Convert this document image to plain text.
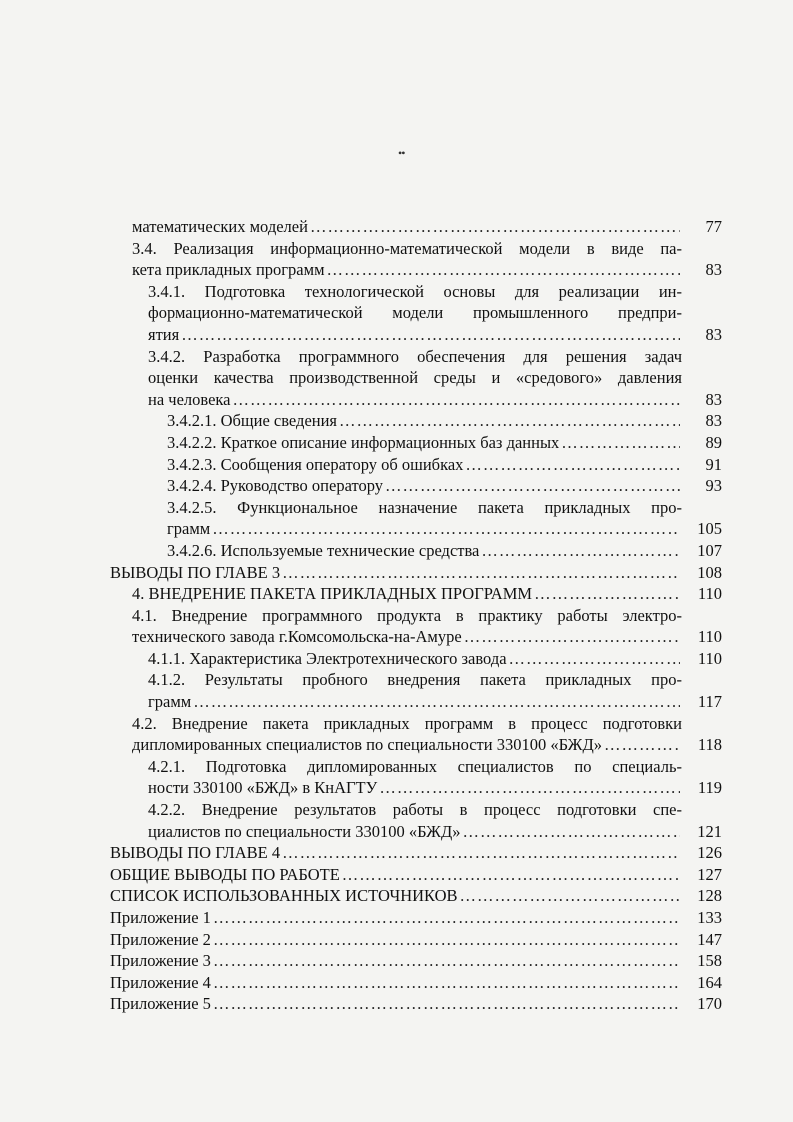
••
математических моделей ……………………………………………………………………………………………………………………………………………………	77
3.4. Реализация информационно-математической модели в виде па-
кета прикладных программ ……………………………………………………………………………………………………………………………………………………	83
3.4.1. Подготовка технологической основы для реализации ин-
формационно-математической модели промышленного предпри-
ятия ……………………………………………………………………………………………………………………………………………………	83
3.4.2. Разработка программного обеспечения для решения задач
оценки качества производственной среды и «средового» давления
на человека ……………………………………………………………………………………………………………………………………………………	83
3.4.2.1. Общие сведения ……………………………………………………………………………………………………………………………………………………	83
3.4.2.2. Краткое описание информационных баз данных ……………………………………………………………………………………………………………………………………………………	89
3.4.2.3. Сообщения оператору об ошибках ……………………………………………………………………………………………………………………………………………………	91
3.4.2.4. Руководство оператору ……………………………………………………………………………………………………………………………………………………	93
3.4.2.5. Функциональное назначение пакета прикладных про-
грамм ……………………………………………………………………………………………………………………………………………………	105
3.4.2.6. Используемые технические средства ……………………………………………………………………………………………………………………………………………………	107
ВЫВОДЫ ПО ГЛАВЕ 3 ……………………………………………………………………………………………………………………………………………………	108
4. ВНЕДРЕНИЕ ПАКЕТА ПРИКЛАДНЫХ ПРОГРАММ ……………………………………………………………………………………………………………………………………………………	110
4.1. Внедрение программного продукта в практику работы электро-
технического завода г.Комсомольска-на-Амуре ……………………………………………………………………………………………………………………………………………………	110
4.1.1. Характеристика Электротехнического завода ……………………………………………………………………………………………………………………………………………………	110
4.1.2. Результаты пробного внедрения пакета прикладных про-
грамм ……………………………………………………………………………………………………………………………………………………	117
4.2. Внедрение пакета прикладных программ в процесс подготовки
дипломированных специалистов по специальности 330100 «БЖД» ……………………………………………………………………………………………………………………………………………………	118
4.2.1. Подготовка дипломированных специалистов по специаль-
ности 330100 «БЖД» в КнАГТУ ……………………………………………………………………………………………………………………………………………………	119
4.2.2. Внедрение результатов работы в процесс подготовки спе-
циалистов по специальности 330100 «БЖД» ……………………………………………………………………………………………………………………………………………………	121
ВЫВОДЫ ПО ГЛАВЕ 4 ……………………………………………………………………………………………………………………………………………………	126
ОБЩИЕ ВЫВОДЫ ПО РАБОТЕ ……………………………………………………………………………………………………………………………………………………	127
СПИСОК ИСПОЛЬЗОВАННЫХ ИСТОЧНИКОВ ……………………………………………………………………………………………………………………………………………………	128
Приложение 1 ……………………………………………………………………………………………………………………………………………………	133
Приложение 2 ……………………………………………………………………………………………………………………………………………………	147
Приложение 3 ……………………………………………………………………………………………………………………………………………………	158
Приложение 4 ……………………………………………………………………………………………………………………………………………………	164
Приложение 5 ……………………………………………………………………………………………………………………………………………………	170
